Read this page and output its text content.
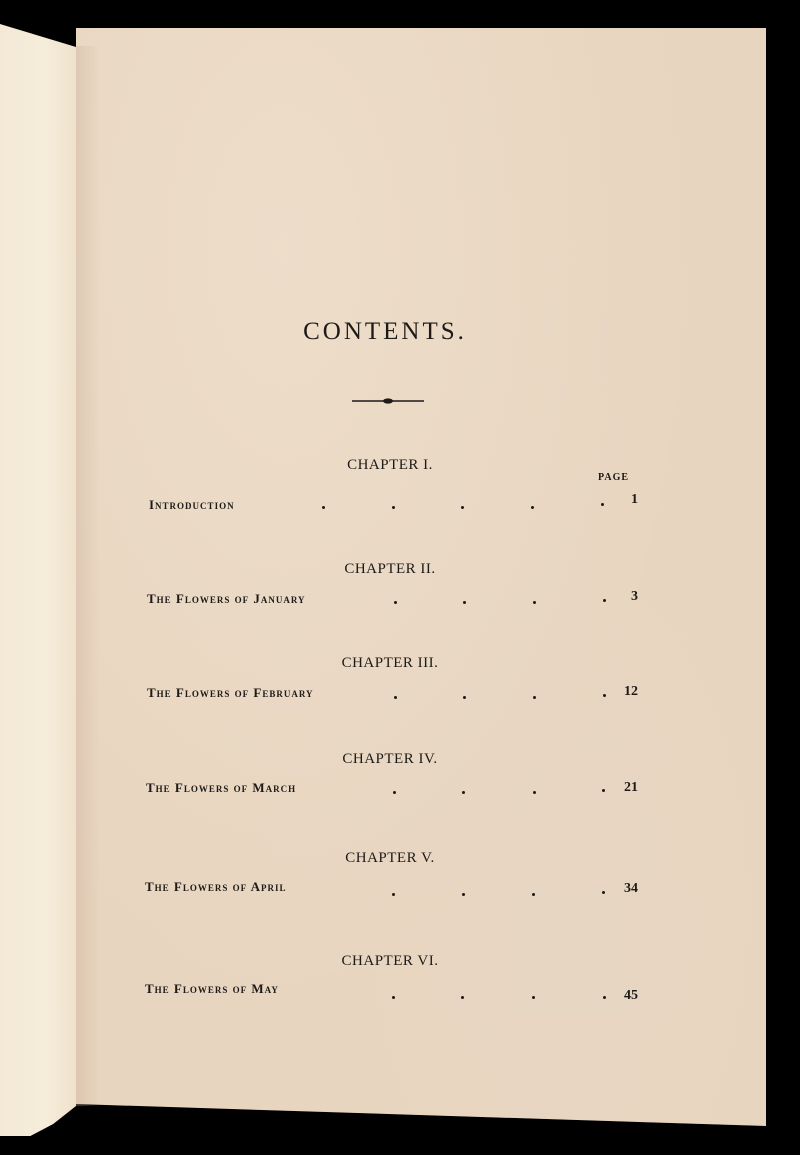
CONTENTS.
PAGE
CHAPTER I.
Introduction	1
CHAPTER II.
The Flowers of January	3
CHAPTER III.
The Flowers of February	12
CHAPTER IV.
The Flowers of March	21
CHAPTER V.
The Flowers of April	34
CHAPTER VI.
The Flowers of May	45
